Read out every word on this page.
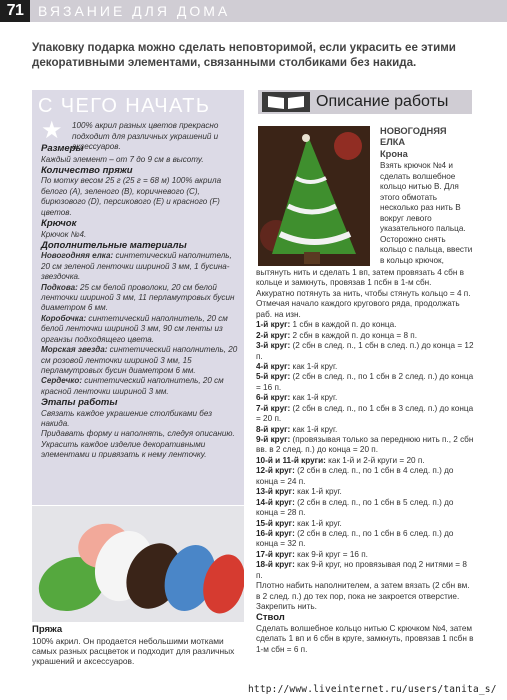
71	ВЯЗАНИЕ ДЛЯ ДОМА
Упаковку подарка можно сделать неповторимой, если украсить ее этими декоративными элементами, связанными столбиками без накида.
С ЧЕГО НАЧАТЬ
★ 100% акрил разных цветов прекрасно подходит для различных украшений и аксессуаров.

Размеры

Каждый элемент – от 7 до 9 см в высоту.

Количество пряжи

По мотку весом 25 г (25 г = 68 м) 100% акрила белого (A), зеленого (B), коричневого (C), бирюзового (D), персикового (E) и красного (F) цветов.

Крючок

Крючок №4.

Дополнительные материалы

Новогодняя елка: синтетический наполнитель, 20 см зеленой ленточки шириной 3 мм, 1 бусина-звездочка.

Подкова: 25 см белой проволоки, 20 см белой ленточки шириной 3 мм, 11 перламутровых бусин диаметром 6 мм.

Коробочка: синтетический наполнитель, 20 см белой ленточки шириной 3 мм, 90 см ленты из органзы подходящего цвета.

Морская звезда: синтетический наполнитель, 20 см розовой ленточки шириной 3 мм, 15 перламутровых бусин диаметром 6 мм.

Сердечко: синтетический наполнитель, 20 см красной ленточки шириной 3 мм.

Этапы работы

Связать каждое украшение столбиками без накида.

Придавать форму и наполнять, следуя описанию.

Украсить каждое изделие декоративными элементами и привязать к нему ленточку.

Пряжа
100% акрил. Он продается небольшими мотками самых разных расцветок и подходит для различных украшений и аксессуаров.
Описание работы
НОВОГОДНЯЯ ЕЛКА
Крона
Взять крючок №4 и сделать волшебное кольцо нитью B. Для этого обмотать несколько раз нить B вокруг левого указательного пальца. Осторожно снять кольцо с пальца, ввести в кольцо крючок,

вытянуть нить и сделать 1 вп, затем провязать 4 сбн в кольце и замкнуть, провязав 1 псбн в 1-м сбн.

Аккуратно потянуть за нить, чтобы стянуть кольцо = 4 п.

Отмечая начало каждого кругового ряда, продолжать раб. на изн.

1-й круг: 1 сбн в каждой п. до конца.

2-й круг: 2 сбн в каждой п. до конца = 8 п.

3-й круг: (2 сбн в след. п., 1 сбн в след. п.) до конца = 12 п.

4-й круг: как 1-й круг.

5-й круг: (2 сбн в след. п., по 1 сбн в 2 след. п.) до конца = 16 п.

6-й круг: как 1-й круг.

7-й круг: (2 сбн в след. п., по 1 сбн в 3 след. п.) до конца = 20 п.

8-й круг: как 1-й круг.

9-й круг: (провязывая только за переднюю нить п., 2 сбн вв. в 2 след. п.) до конца = 20 п.

10-й и 11-й круги: как 1-й и 2-й круги = 20 п.

12-й круг: (2 сбн в след. п., по 1 сбн в 4 след. п.) до конца = 24 п.

13-й круг: как 1-й круг.

14-й круг: (2 сбн в след. п., по 1 сбн в 5 след. п.) до конца = 28 п.

15-й круг: как 1-й круг.

16-й круг: (2 сбн в след. п., по 1 сбн в 6 след. п.) до конца = 32 п.

17-й круг: как 9-й круг = 16 п.

18-й круг: как 9-й круг, но провязывая под 2 нитями = 8 п.

Плотно набить наполнителем, а затем вязать (2 сбн вм. в 2 след. п.) до тех пор, пока не закроется отверстие. Закрепить нить.

Ствол

Сделать волшебное кольцо нитью C крючком №4, затем сделать 1 вп и 6 сбн в круге, замкнуть, провязав 1 псбн в 1-м сбн = 6 п.

http://www.liveinternet.ru/users/tanita_s/
